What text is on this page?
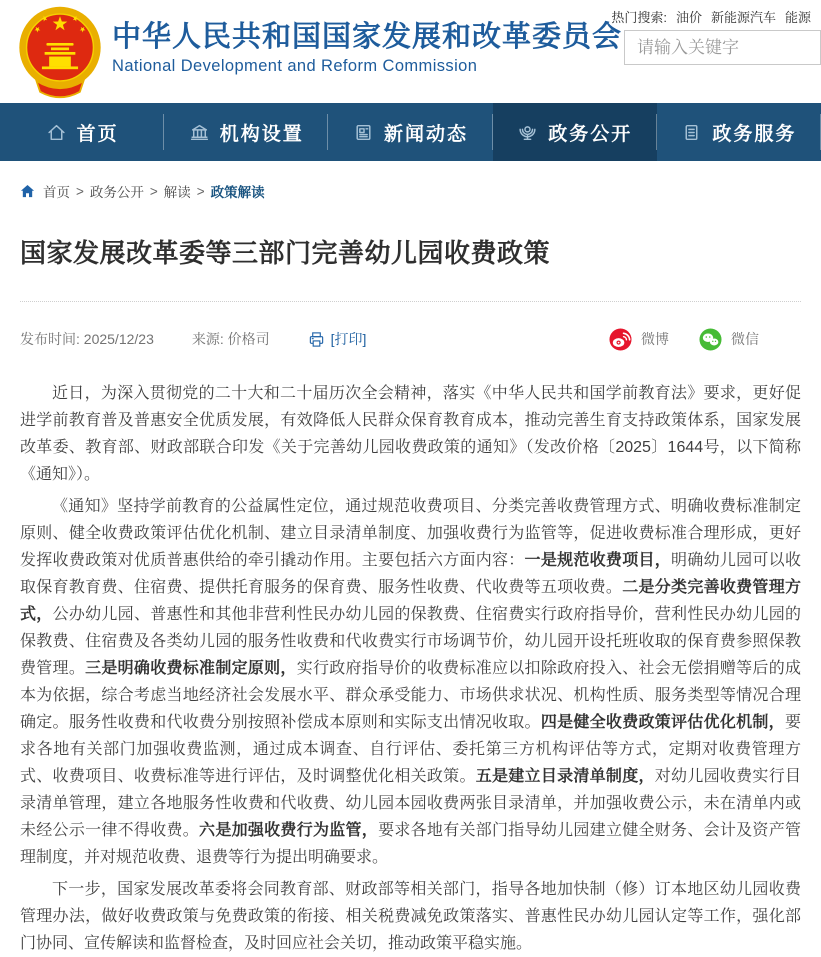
中华人民共和国国家发展和改革委员会
National Development and Reform Commission
热门搜索: 油价 新能源汽车 能源
请输入关键字
首页	机构设置	新闻动态	政务公开	政务服务
首页 > 政务公开 > 解读 > 政策解读
国家发展改革委等三部门完善幼儿园收费政策
发布时间: 2025/12/23	来源: 价格司	[打印]	微博	微信

近日，为深入贯彻党的二十大和二十届历次全会精神，落实《中华人民共和国学前教育法》要求，更好促进学前教育普及普惠安全优质发展，有效降低人民群众保育教育成本，推动完善生育支持政策体系，国家发展改革委、教育部、财政部联合印发《关于完善幼儿园收费政策的通知》（发改价格〔2025〕1644号，以下简称《通知》）。

《通知》坚持学前教育的公益属性定位，通过规范收费项目、分类完善收费管理方式、明确收费标准制定原则、健全收费政策评估优化机制、建立目录清单制度、加强收费行为监管等，促进收费标准合理形成，更好发挥收费政策对优质普惠供给的牵引撬动作用。主要包括六方面内容：一是规范收费项目，明确幼儿园可以收取保育教育费、住宿费、提供托育服务的保育费、服务性收费、代收费等五项收费。二是分类完善收费管理方式，公办幼儿园、普惠性和其他非营利性民办幼儿园的保教费、住宿费实行政府指导价，营利性民办幼儿园的保教费、住宿费及各类幼儿园的服务性收费和代收费实行市场调节价，幼儿园开设托班收取的保育费参照保教费管理。三是明确收费标准制定原则，实行政府指导价的收费标准应以扣除政府投入、社会无偿捐赠等后的成本为依据，综合考虑当地经济社会发展水平、群众承受能力、市场供求状况、机构性质、服务类型等情况合理确定。服务性收费和代收费分别按照补偿成本原则和实际支出情况收取。四是健全收费政策评估优化机制，要求各地有关部门加强收费监测，通过成本调查、自行评估、委托第三方机构评估等方式，定期对收费管理方式、收费项目、收费标准等进行评估，及时调整优化相关政策。五是建立目录清单制度，对幼儿园收费实行目录清单管理，建立各地服务性收费和代收费、幼儿园本园收费两张目录清单，并加强收费公示，未在清单内或未经公示一律不得收费。六是加强收费行为监管，要求各地有关部门指导幼儿园建立健全财务、会计及资产管理制度，并对规范收费、退费等行为提出明确要求。

下一步，国家发展改革委将会同教育部、财政部等相关部门，指导各地加快制（修）订本地区幼儿园收费管理办法，做好收费政策与免费政策的衔接、相关税费减免政策落实、普惠性民办幼儿园认定等工作，强化部门协同、宣传解读和监督检查，及时回应社会关切，推动政策平稳实施。
